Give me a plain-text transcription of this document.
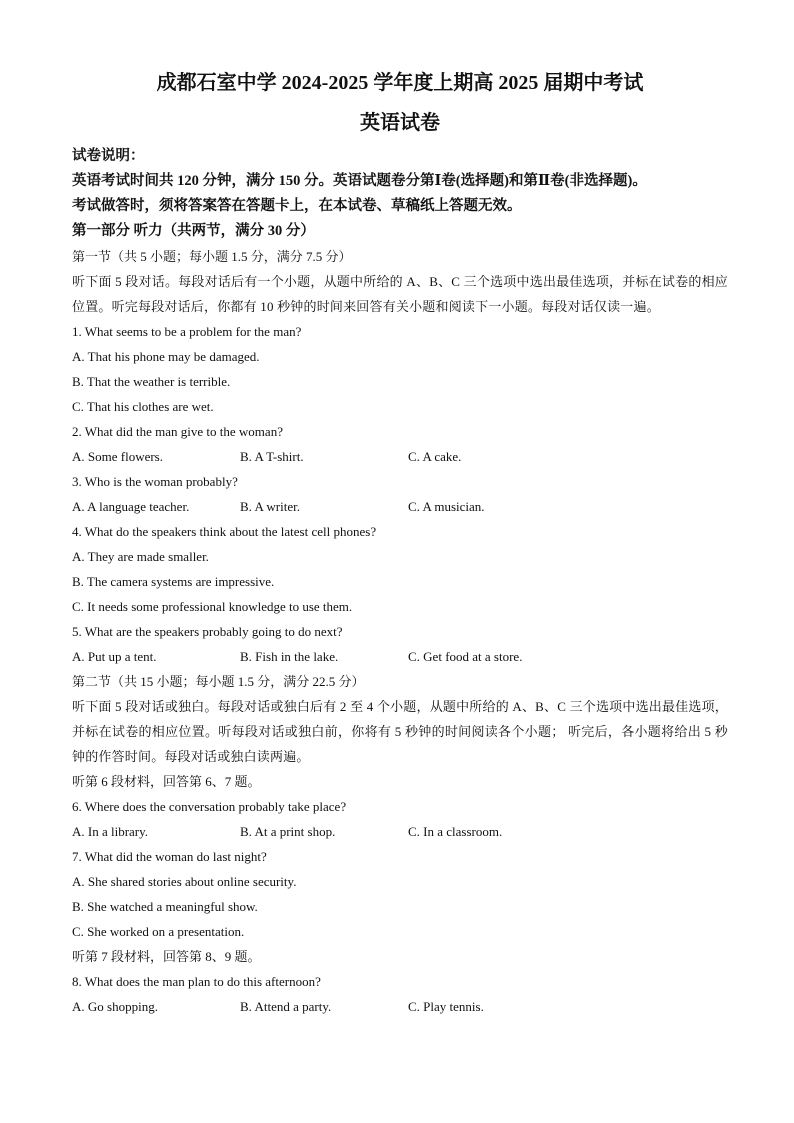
成都石室中学 2024-2025 学年度上期高 2025 届期中考试
英语试卷
试卷说明：
英语考试时间共 120 分钟，满分 150 分。英语试题卷分第Ⅰ卷(选择题)和第Ⅱ卷(非选择题)。
考试做答时，须将答案答在答题卡上，在本试卷、草稿纸上答题无效。
第一部分 听力（共两节，满分 30 分）
第一节（共 5 小题；每小题 1.5 分，满分 7.5 分）
听下面 5 段对话。每段对话后有一个小题，从题中所给的 A、B、C 三个选项中选出最佳选项，并标在试卷的相应位置。听完每段对话后，你都有 10 秒钟的时间来回答有关小题和阅读下一小题。每段对话仅读一遍。
1. What seems to be a problem for the man?
A. That his phone may be damaged.
B. That the weather is terrible.
C. That his clothes are wet.
2. What did the man give to the woman?
A. Some flowers.	B. A T-shirt.	C. A cake.
3. Who is the woman probably?
A. A language teacher.	B. A writer.	C. A musician.
4. What do the speakers think about the latest cell phones?
A. They are made smaller.
B. The camera systems are impressive.
C. It needs some professional knowledge to use them.
5. What are the speakers probably going to do next?
A. Put up a tent.	B. Fish in the lake.	C. Get food at a store.
第二节（共 15 小题；每小题 1.5 分，满分 22.5 分）
听下面 5 段对话或独白。每段对话或独白后有 2 至 4 个小题，从题中所给的 A、B、C 三个选项中选出最佳选项，并标在试卷的相应位置。听每段对话或独白前，你将有 5 秒钟的时间阅读各个小题； 听完后，各小题将给出 5 秒钟的作答时间。每段对话或独白读两遍。
听第 6 段材料，回答第 6、7 题。
6. Where does the conversation probably take place?
A. In a library.	B. At a print shop.	C. In a classroom.
7. What did the woman do last night?
A. She shared stories about online security.
B. She watched a meaningful show.
C. She worked on a presentation.
听第 7 段材料，回答第 8、9 题。
8. What does the man plan to do this afternoon?
A. Go shopping.	B. Attend a party.	C. Play tennis.
